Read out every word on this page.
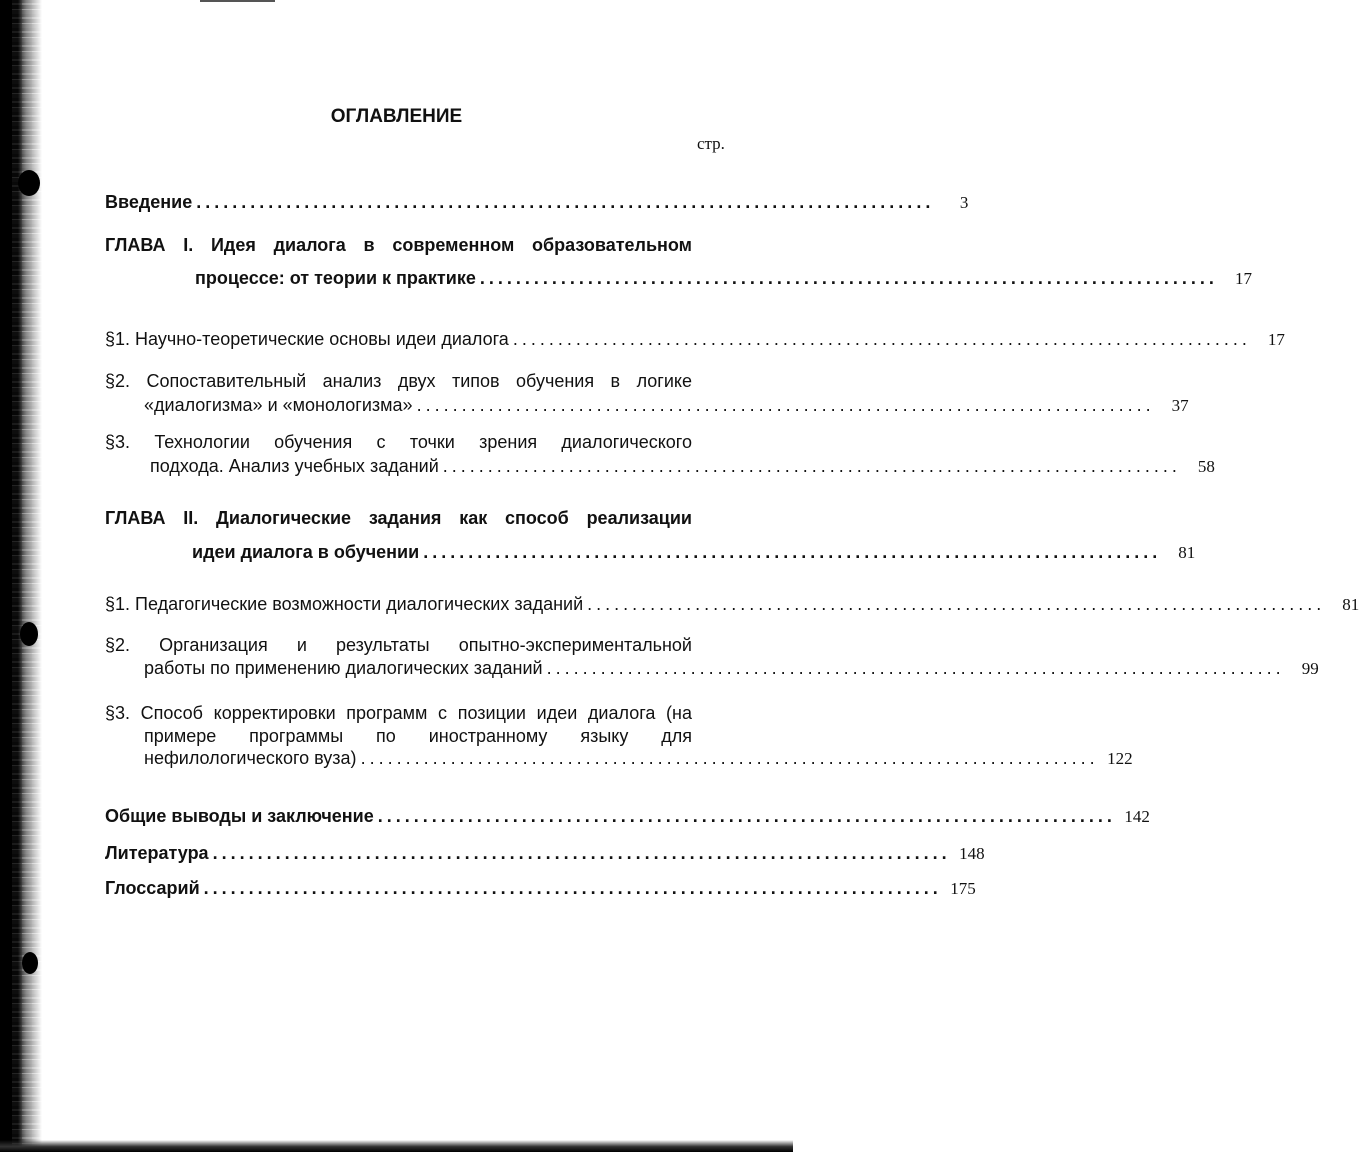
ОГЛАВЛЕНИЕ
стр.
Введение ..................................................................................	3
ГЛАВА I. Идея диалога в современном образовательном
процессе: от теории к практике ..................................................................................	17
§1. Научно-теоретические основы идеи диалога ..................................................................................	17
§2. Сопоставительный анализ двух типов обучения в логике
«диалогизма» и «монологизма» ..................................................................................	37
§3. Технологии обучения с точки зрения диалогического
подхода. Анализ учебных заданий ..................................................................................	58
ГЛАВА II. Диалогические задания как способ реализации
идеи диалога в обучении ..................................................................................	81
§1. Педагогические возможности диалогических заданий ..................................................................................	81
§2. Организация и результаты опытно-экспериментальной
работы по применению диалогических заданий ..................................................................................	99
§3. Способ корректировки программ с позиции идеи диалога (на
примере программы по иностранному языку для
нефилологического вуза) .................................................................................. 122
Общие выводы и заключение .................................................................................. 142
Литература .................................................................................. 148
Глоссарий .................................................................................. 175
